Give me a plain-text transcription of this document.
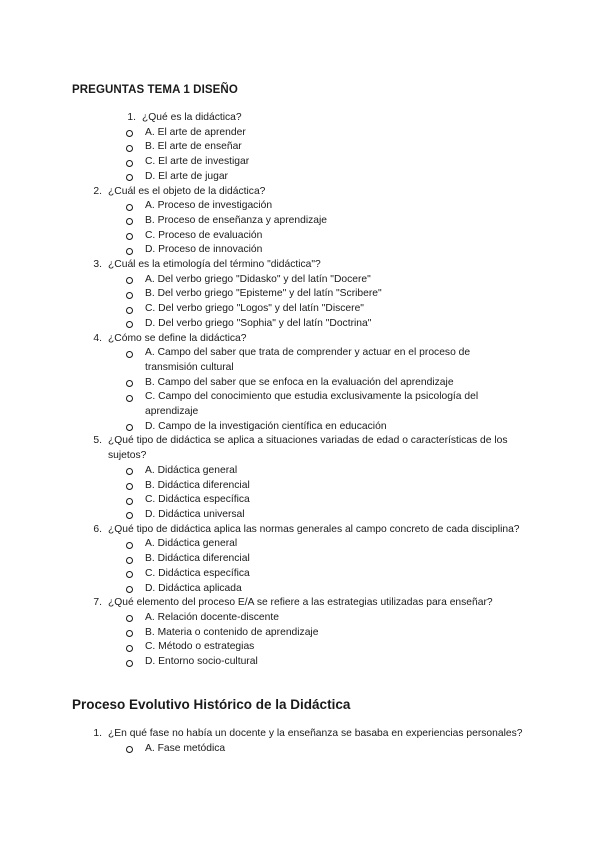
PREGUNTAS TEMA 1 DISEÑO
1. ¿Qué es la didáctica?
A. El arte de aprender
B. El arte de enseñar
C. El arte de investigar
D. El arte de jugar
2. ¿Cuál es el objeto de la didáctica?
A. Proceso de investigación
B. Proceso de enseñanza y aprendizaje
C. Proceso de evaluación
D. Proceso de innovación
3. ¿Cuál es la etimología del término "didáctica"?
A. Del verbo griego "Didasko" y del latín "Docere"
B. Del verbo griego "Episteme" y del latín "Scribere"
C. Del verbo griego "Logos" y del latín "Discere"
D. Del verbo griego "Sophia" y del latín "Doctrina"
4. ¿Cómo se define la didáctica?
A. Campo del saber que trata de comprender y actuar en el proceso de transmisión cultural
B. Campo del saber que se enfoca en la evaluación del aprendizaje
C. Campo del conocimiento que estudia exclusivamente la psicología del aprendizaje
D. Campo de la investigación científica en educación
5. ¿Qué tipo de didáctica se aplica a situaciones variadas de edad o características de los sujetos?
A. Didáctica general
B. Didáctica diferencial
C. Didáctica específica
D. Didáctica universal
6. ¿Qué tipo de didáctica aplica las normas generales al campo concreto de cada disciplina?
A. Didáctica general
B. Didáctica diferencial
C. Didáctica específica
D. Didáctica aplicada
7. ¿Qué elemento del proceso E/A se refiere a las estrategias utilizadas para enseñar?
A. Relación docente-discente
B. Materia o contenido de aprendizaje
C. Método o estrategias
D. Entorno socio-cultural
Proceso Evolutivo Histórico de la Didáctica
1. ¿En qué fase no había un docente y la enseñanza se basaba en experiencias personales?
A. Fase metódica
